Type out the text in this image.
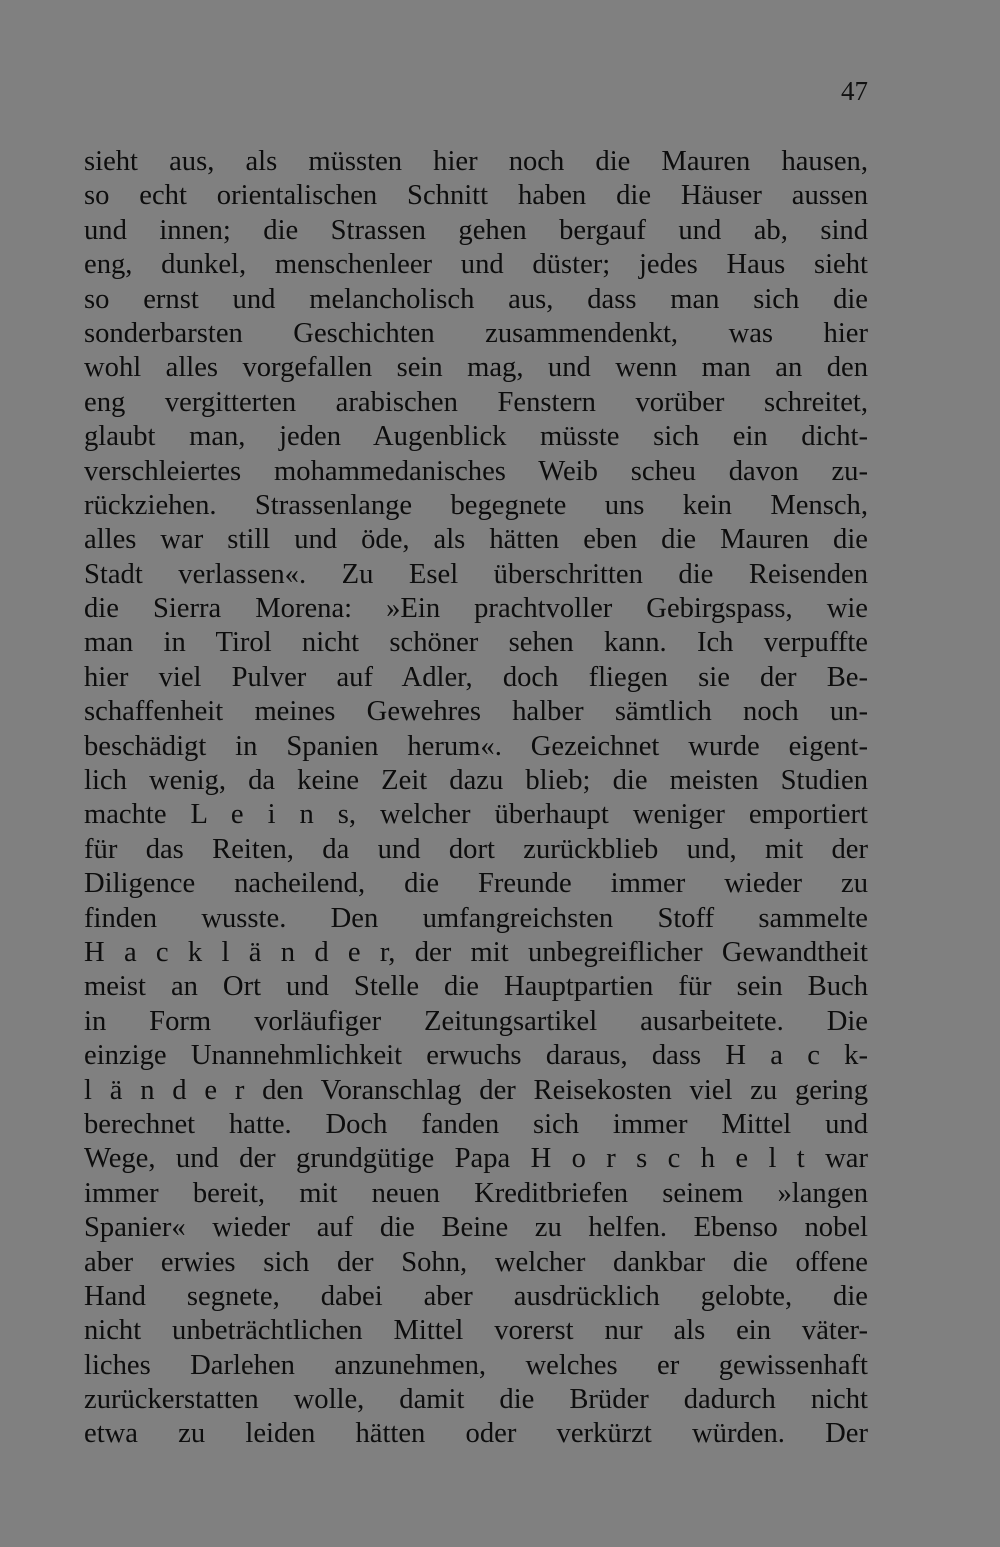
47
sieht aus, als müssten hier noch die Mauren hausen,
so echt orientalischen Schnitt haben die Häuser aussen
und innen; die Strassen gehen bergauf und ab, sind
eng, dunkel, menschenleer und düster; jedes Haus sieht
so ernst und melancholisch aus, dass man sich die
sonderbarsten Geschichten zusammendenkt, was hier
wohl alles vorgefallen sein mag, und wenn man an den
eng vergitterten arabischen Fenstern vorüber schreitet,
glaubt man, jeden Augenblick müsste sich ein dicht-
verschleiertes mohammedanisches Weib scheu davon zu-
rückziehen. Strassenlange begegnete uns kein Mensch,
alles war still und öde, als hätten eben die Mauren die
Stadt verlassen«. Zu Esel überschritten die Reisenden
die Sierra Morena: »Ein prachtvoller Gebirgspass, wie
man in Tirol nicht schöner sehen kann. Ich verpuffte
hier viel Pulver auf Adler, doch fliegen sie der Be-
schaffenheit meines Gewehres halber sämtlich noch un-
beschädigt in Spanien herum«. Gezeichnet wurde eigent-
lich wenig, da keine Zeit dazu blieb; die meisten Studien
machte L e i n s, welcher überhaupt weniger emportiert
für das Reiten, da und dort zurückblieb und, mit der
Diligence nacheilend, die Freunde immer wieder zu
finden wusste. Den umfangreichsten Stoff sammelte
H a c k l ä n d e r, der mit unbegreiflicher Gewandtheit
meist an Ort und Stelle die Hauptpartien für sein Buch
in Form vorläufiger Zeitungsartikel ausarbeitete. Die
einzige Unannehmlichkeit erwuchs daraus, dass H a c k-
l ä n d e r den Voranschlag der Reisekosten viel zu gering
berechnet hatte. Doch fanden sich immer Mittel und
Wege, und der grundgütige Papa H o r s c h e l t war
immer bereit, mit neuen Kreditbriefen seinem »langen
Spanier« wieder auf die Beine zu helfen. Ebenso nobel
aber erwies sich der Sohn, welcher dankbar die offene
Hand segnete, dabei aber ausdrücklich gelobte, die
nicht unbeträchtlichen Mittel vorerst nur als ein väter-
liches Darlehen anzunehmen, welches er gewissenhaft
zurückerstatten wolle, damit die Brüder dadurch nicht
etwa zu leiden hätten oder verkürzt würden. Der
